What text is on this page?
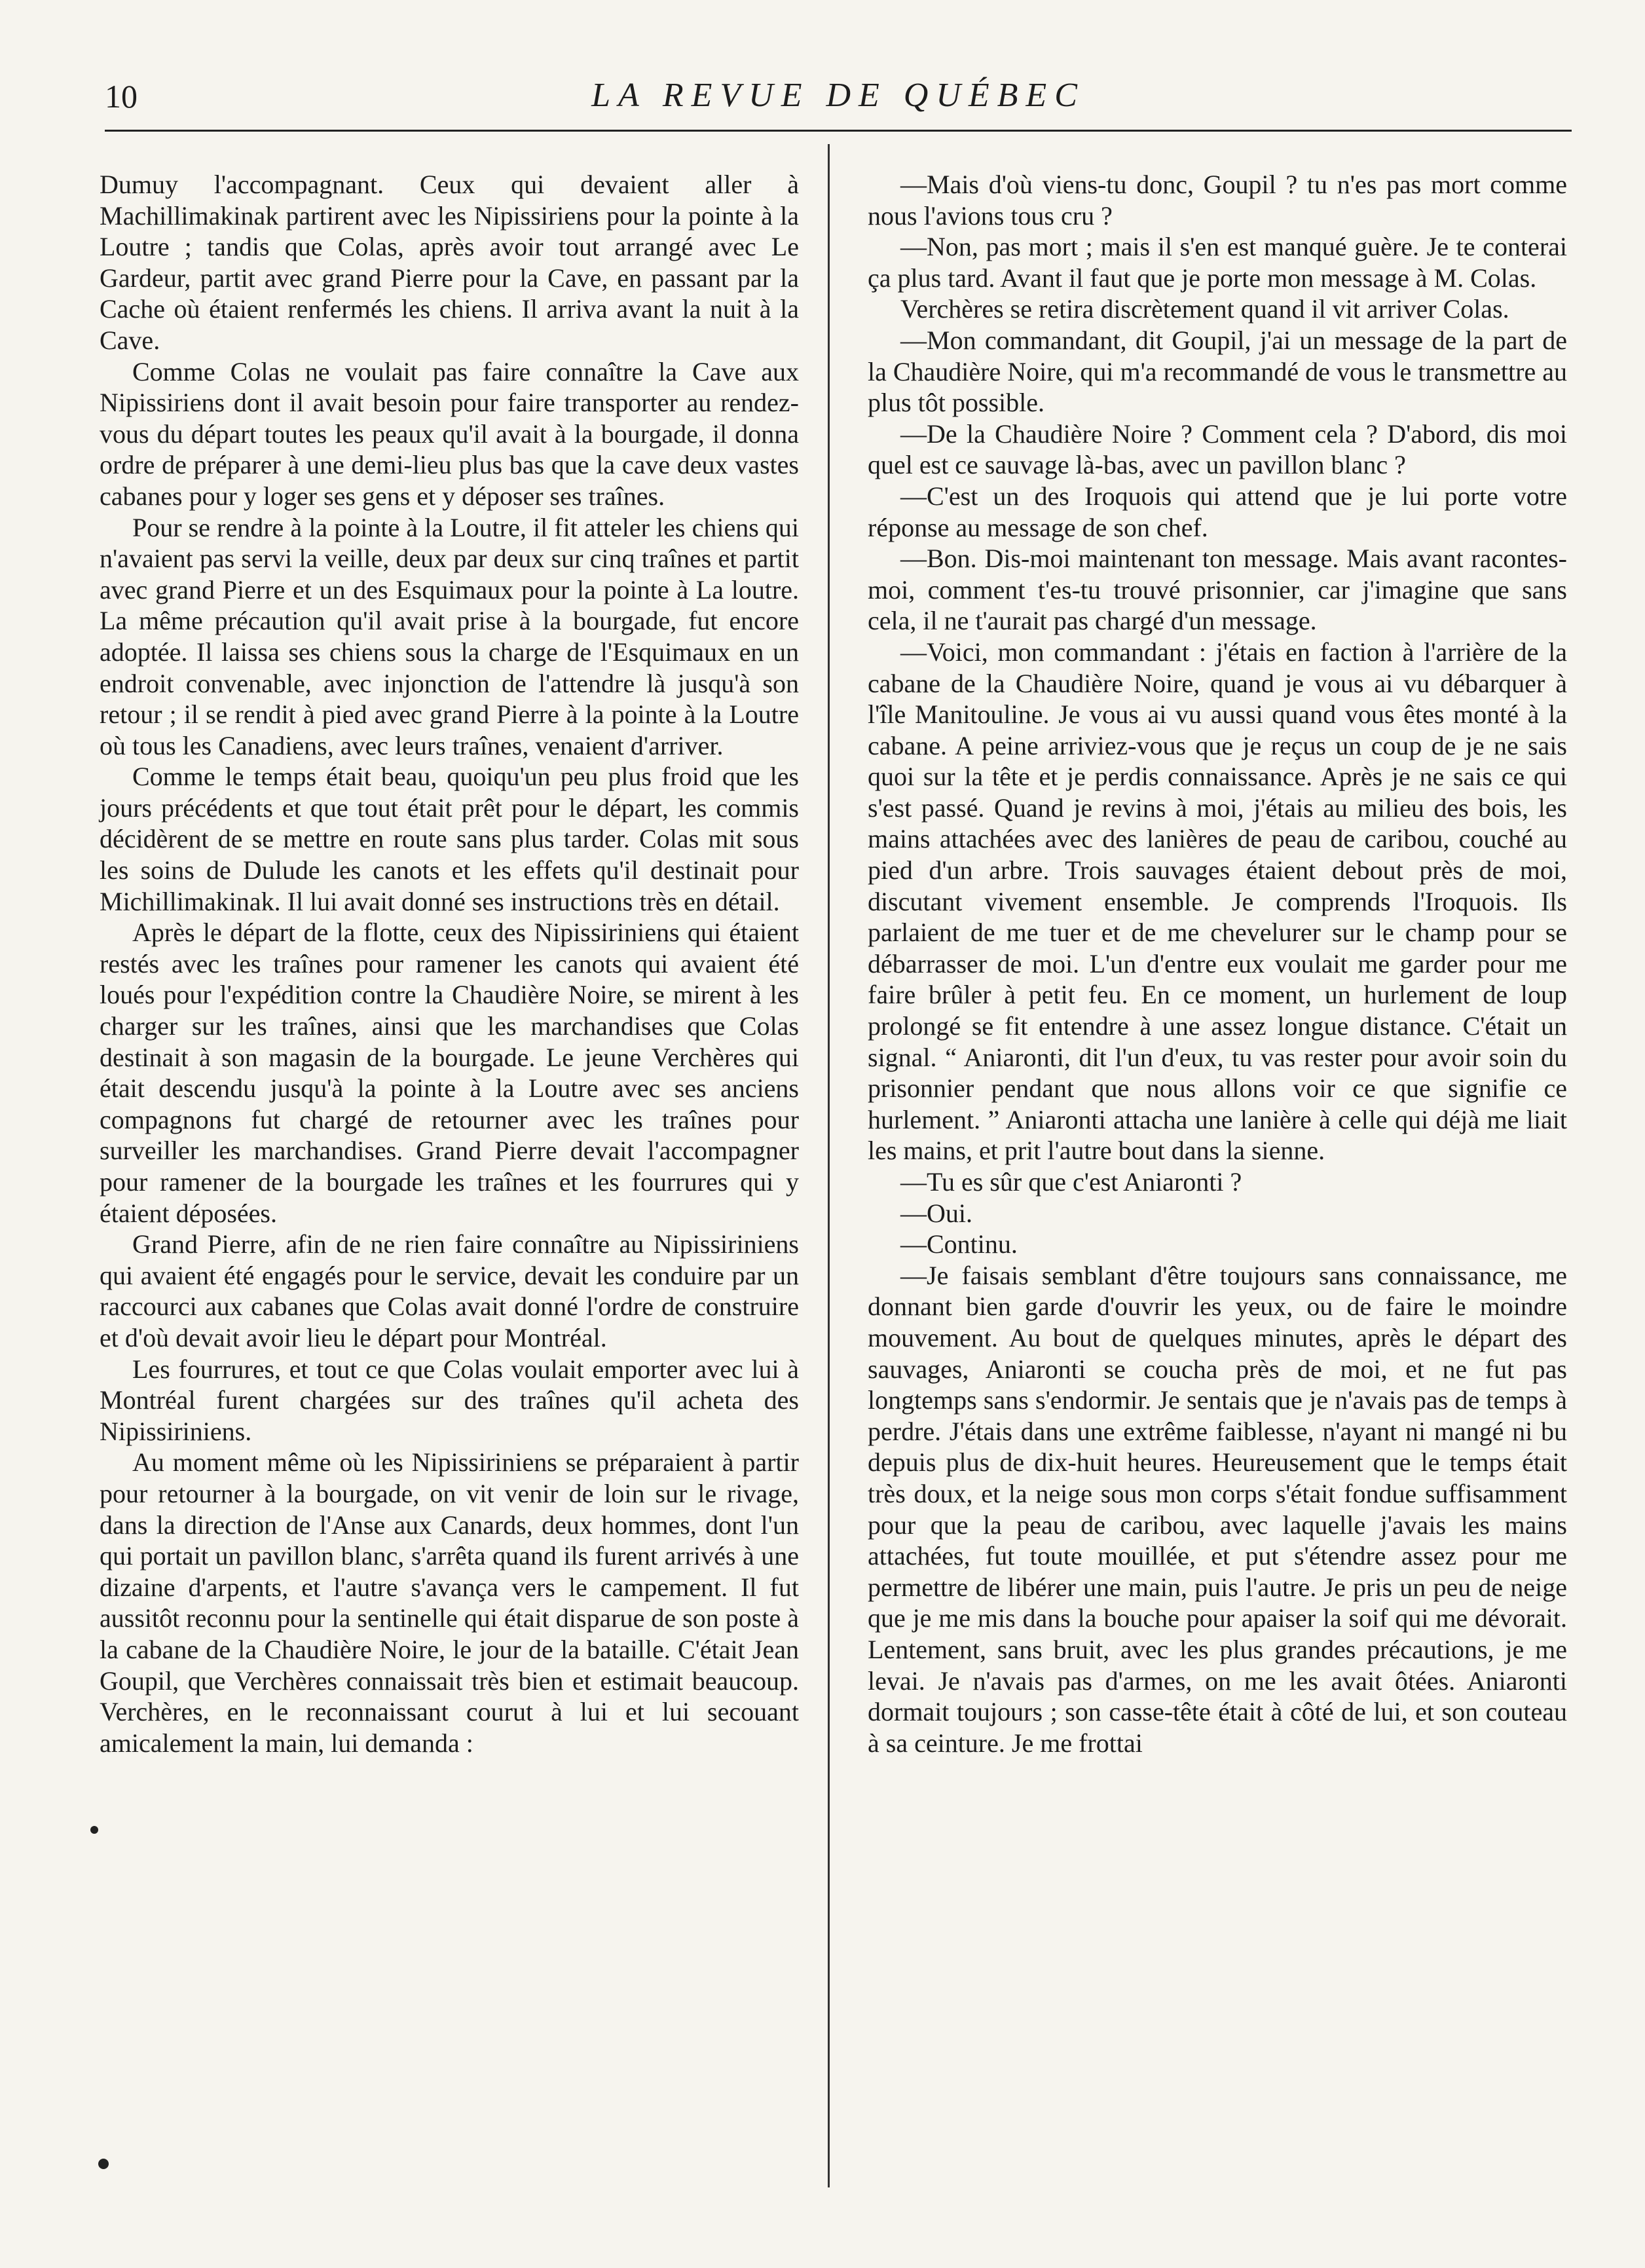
10	LA REVUE DE QUÉBEC

Dumuy l'accompagnant. Ceux qui devaient aller à Machillimakinak partirent avec les Nipissiriens pour la pointe à la Loutre ; tandis que Colas, après avoir tout arrangé avec Le Gardeur, partit avec grand Pierre pour la Cave, en passant par la Cache où étaient renfermés les chiens. Il arriva avant la nuit à la Cave.

Comme Colas ne voulait pas faire connaître la Cave aux Nipissiriens dont il avait besoin pour faire transporter au rendez-vous du départ toutes les peaux qu'il avait à la bourgade, il donna ordre de préparer à une demi-lieu plus bas que la cave deux vastes cabanes pour y loger ses gens et y déposer ses traînes.

Pour se rendre à la pointe à la Loutre, il fit atteler les chiens qui n'avaient pas servi la veille, deux par deux sur cinq traînes et partit avec grand Pierre et un des Esquimaux pour la pointe à La loutre. La même précaution qu'il avait prise à la bourgade, fut encore adoptée. Il laissa ses chiens sous la charge de l'Esquimaux en un endroit convenable, avec injonction de l'attendre là jusqu'à son retour ; il se rendit à pied avec grand Pierre à la pointe à la Loutre où tous les Canadiens, avec leurs traînes, venaient d'arriver.

Comme le temps était beau, quoiqu'un peu plus froid que les jours précédents et que tout était prêt pour le départ, les commis décidèrent de se mettre en route sans plus tarder. Colas mit sous les soins de Dulude les canots et les effets qu'il destinait pour Michillimakinak. Il lui avait donné ses instructions très en détail.

Après le départ de la flotte, ceux des Nipissiriniens qui étaient restés avec les traînes pour ramener les canots qui avaient été loués pour l'expédition contre la Chaudière Noire, se mirent à les charger sur les traînes, ainsi que les marchandises que Colas destinait à son magasin de la bourgade. Le jeune Verchères qui était descendu jusqu'à la pointe à la Loutre avec ses anciens compagnons fut chargé de retourner avec les traînes pour surveiller les marchandises. Grand Pierre devait l'accompagner pour ramener de la bourgade les traînes et les fourrures qui y étaient déposées.

Grand Pierre, afin de ne rien faire connaître au Nipissiriniens qui avaient été engagés pour le service, devait les conduire par un raccourci aux cabanes que Colas avait donné l'ordre de construire et d'où devait avoir lieu le départ pour Montréal.

Les fourrures, et tout ce que Colas voulait emporter avec lui à Montréal furent chargées sur des traînes qu'il acheta des Nipissiriniens.

Au moment même où les Nipissiriniens se préparaient à partir pour retourner à la bourgade, on vit venir de loin sur le rivage, dans la direction de l'Anse aux Canards, deux hommes, dont l'un qui portait un pavillon blanc, s'arrêta quand ils furent arrivés à une dizaine d'arpents, et l'autre s'avança vers le campement. Il fut aussitôt reconnu pour la sentinelle qui était disparue de son poste à la cabane de la Chaudière Noire, le jour de la bataille. C'était Jean Goupil, que Verchères connaissait très bien et estimait beaucoup. Verchères, en le reconnaissant courut à lui et lui secouant amicalement la main, lui demanda :

—Mais d'où viens-tu donc, Goupil ? tu n'es pas mort comme nous l'avions tous cru ?

—Non, pas mort ; mais il s'en est manqué guère. Je te conterai ça plus tard. Avant il faut que je porte mon message à M. Colas.

Verchères se retira discrètement quand il vit arriver Colas.

—Mon commandant, dit Goupil, j'ai un message de la part de la Chaudière Noire, qui m'a recommandé de vous le transmettre au plus tôt possible.

—De la Chaudière Noire ? Comment cela ? D'abord, dis moi quel est ce sauvage là-bas, avec un pavillon blanc ?

—C'est un des Iroquois qui attend que je lui porte votre réponse au message de son chef.

—Bon. Dis-moi maintenant ton message. Mais avant racontes-moi, comment t'es-tu trouvé prisonnier, car j'imagine que sans cela, il ne t'aurait pas chargé d'un message.

—Voici, mon commandant : j'étais en faction à l'arrière de la cabane de la Chaudière Noire, quand je vous ai vu débarquer à l'île Manitouline. Je vous ai vu aussi quand vous êtes monté à la cabane. A peine arriviez-vous que je reçus un coup de je ne sais quoi sur la tête et je perdis connaissance. Après je ne sais ce qui s'est passé. Quand je revins à moi, j'étais au milieu des bois, les mains attachées avec des lanières de peau de caribou, couché au pied d'un arbre. Trois sauvages étaient debout près de moi, discutant vivement ensemble. Je comprends l'Iroquois. Ils parlaient de me tuer et de me chevelurer sur le champ pour se débarrasser de moi. L'un d'entre eux voulait me garder pour me faire brûler à petit feu. En ce moment, un hurlement de loup prolongé se fit entendre à une assez longue distance. C'était un signal. “ Aniaronti, dit l'un d'eux, tu vas rester pour avoir soin du prisonnier pendant que nous allons voir ce que signifie ce hurlement. ” Aniaronti attacha une lanière à celle qui déjà me liait les mains, et prit l'autre bout dans la sienne.

—Tu es sûr que c'est Aniaronti ?

—Oui.

—Continu.

—Je faisais semblant d'être toujours sans connaissance, me donnant bien garde d'ouvrir les yeux, ou de faire le moindre mouvement. Au bout de quelques minutes, après le départ des sauvages, Aniaronti se coucha près de moi, et ne fut pas longtemps sans s'endormir. Je sentais que je n'avais pas de temps à perdre. J'étais dans une extrême faiblesse, n'ayant ni mangé ni bu depuis plus de dix-huit heures. Heureusement que le temps était très doux, et la neige sous mon corps s'était fondue suffisamment pour que la peau de caribou, avec laquelle j'avais les mains attachées, fut toute mouillée, et put s'étendre assez pour me permettre de libérer une main, puis l'autre. Je pris un peu de neige que je me mis dans la bouche pour apaiser la soif qui me dévorait. Lentement, sans bruit, avec les plus grandes précautions, je me levai. Je n'avais pas d'armes, on me les avait ôtées. Aniaronti dormait toujours ; son casse-tête était à côté de lui, et son couteau à sa ceinture. Je me frottai
